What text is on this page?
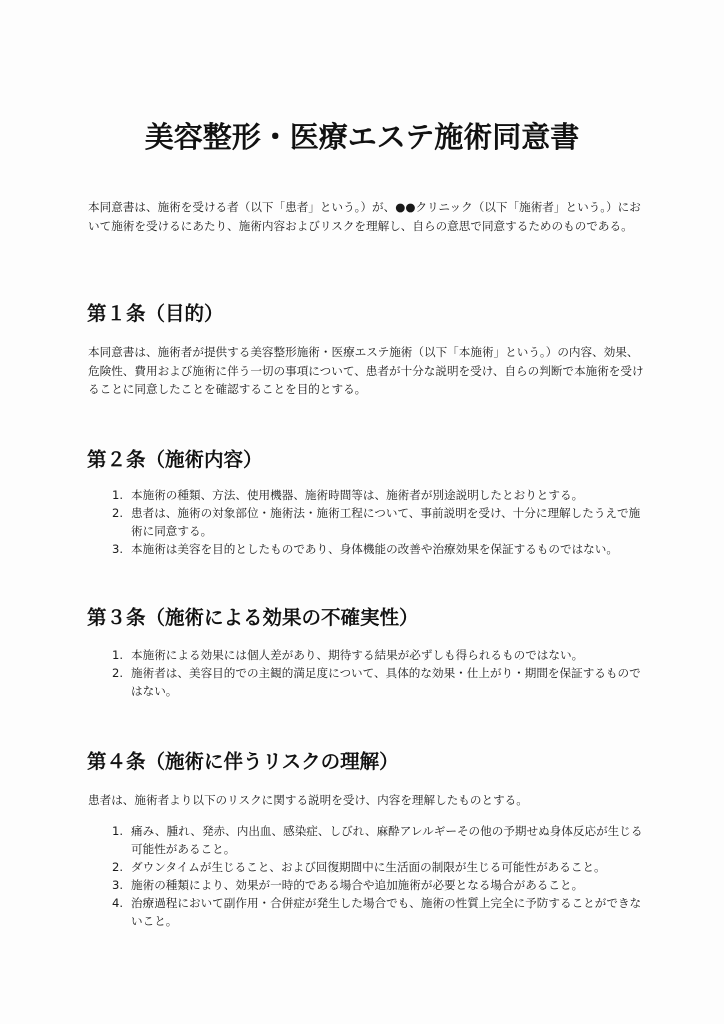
美容整形・医療エステ施術同意書

本同意書は、施術を受ける者（以下「患者」という。）が、●●クリニック（以下「施術者」という。）において施術を受けるにあたり、施術内容およびリスクを理解し、自らの意思で同意するためのものである。

第１条（目的）

本同意書は、施術者が提供する美容整形施術・医療エステ施術（以下「本施術」という。）の内容、効果、危険性、費用および施術に伴う一切の事項について、患者が十分な説明を受け、自らの判断で本施術を受けることに同意したことを確認することを目的とする。

第２条（施術内容）
1. 本施術の種類、方法、使用機器、施術時間等は、施術者が別途説明したとおりとする。
2. 患者は、施術の対象部位・施術法・施術工程について、事前説明を受け、十分に理解したうえで施術に同意する。
3. 本施術は美容を目的としたものであり、身体機能の改善や治療効果を保証するものではない。
第３条（施術による効果の不確実性）
1. 本施術による効果には個人差があり、期待する結果が必ずしも得られるものではない。
2. 施術者は、美容目的での主観的満足度について、具体的な効果・仕上がり・期間を保証するものではない。
第４条（施術に伴うリスクの理解）

患者は、施術者より以下のリスクに関する説明を受け、内容を理解したものとする。

1. 痛み、腫れ、発赤、内出血、感染症、しびれ、麻酔アレルギーその他の予期せぬ身体反応が生じる可能性があること。
2. ダウンタイムが生じること、および回復期間中に生活面の制限が生じる可能性があること。
3. 施術の種類により、効果が一時的である場合や追加施術が必要となる場合があること。
4. 治療過程において副作用・合併症が発生した場合でも、施術の性質上完全に予防することができないこと。
